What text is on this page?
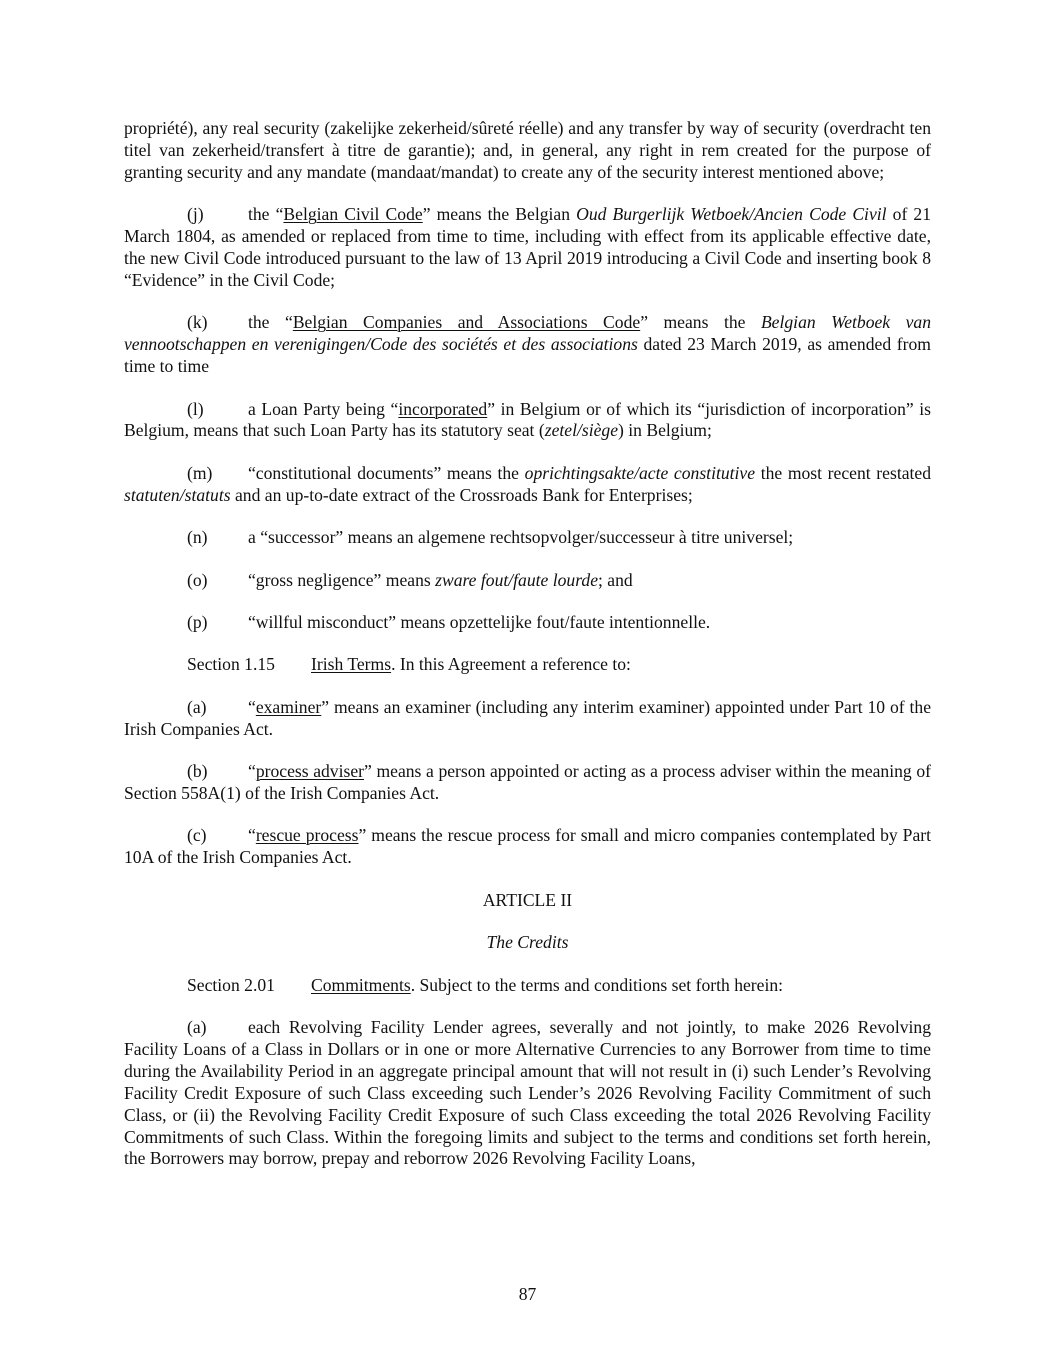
propriété), any real security (zakelijke zekerheid/sûreté réelle) and any transfer by way of security (overdracht ten titel van zekerheid/transfert à titre de garantie); and, in general, any right in rem created for the purpose of granting security and any mandate (mandaat/mandat) to create any of the security interest mentioned above;

(j)	the “Belgian Civil Code” means the Belgian Oud Burgerlijk Wetboek/Ancien Code Civil of 21 March 1804, as amended or replaced from time to time, including with effect from its applicable effective date, the new Civil Code introduced pursuant to the law of 13 April 2019 introducing a Civil Code and inserting book 8 “Evidence” in the Civil Code;

(k) the “Belgian Companies and Associations Code” means the Belgian Wetboek van vennootschappen en verenigingen/Code des sociétés et des associations dated 23 March 2019, as amended from time to time

(l)	a Loan Party being “incorporated” in Belgium or of which its “jurisdiction of incorporation” is Belgium, means that such Loan Party has its statutory seat (zetel/siège) in Belgium;

(m) “constitutional documents” means the oprichtingsakte/acte constitutive the most recent restated statuten/statuts and an up-to-date extract of the Crossroads Bank for Enterprises;

(n) a “successor” means an algemene rechtsopvolger/successeur à titre universel;

(o) “gross negligence” means zware fout/faute lourde; and

(p) “willful misconduct” means opzettelijke fout/faute intentionnelle.

Section 1.15 Irish Terms. In this Agreement a reference to:

(a) “examiner” means an examiner (including any interim examiner) appointed under Part 10 of the Irish Companies Act.

(b) “process adviser” means a person appointed or acting as a process adviser within the meaning of Section 558A(1) of the Irish Companies Act.

(c) “rescue process” means the rescue process for small and micro companies contemplated by Part 10A of the Irish Companies Act.

ARTICLE II

The Credits

Section 2.01 Commitments. Subject to the terms and conditions set forth herein:

(a) each Revolving Facility Lender agrees, severally and not jointly, to make 2026 Revolving Facility Loans of a Class in Dollars or in one or more Alternative Currencies to any Borrower from time to time during the Availability Period in an aggregate principal amount that will not result in (i) such Lender’s Revolving Facility Credit Exposure of such Class exceeding such Lender’s 2026 Revolving Facility Commitment of such Class, or (ii) the Revolving Facility Credit Exposure of such Class exceeding the total 2026 Revolving Facility Commitments of such Class. Within the foregoing limits and subject to the terms and conditions set forth herein, the Borrowers may borrow, prepay and reborrow 2026 Revolving Facility Loans,

87
